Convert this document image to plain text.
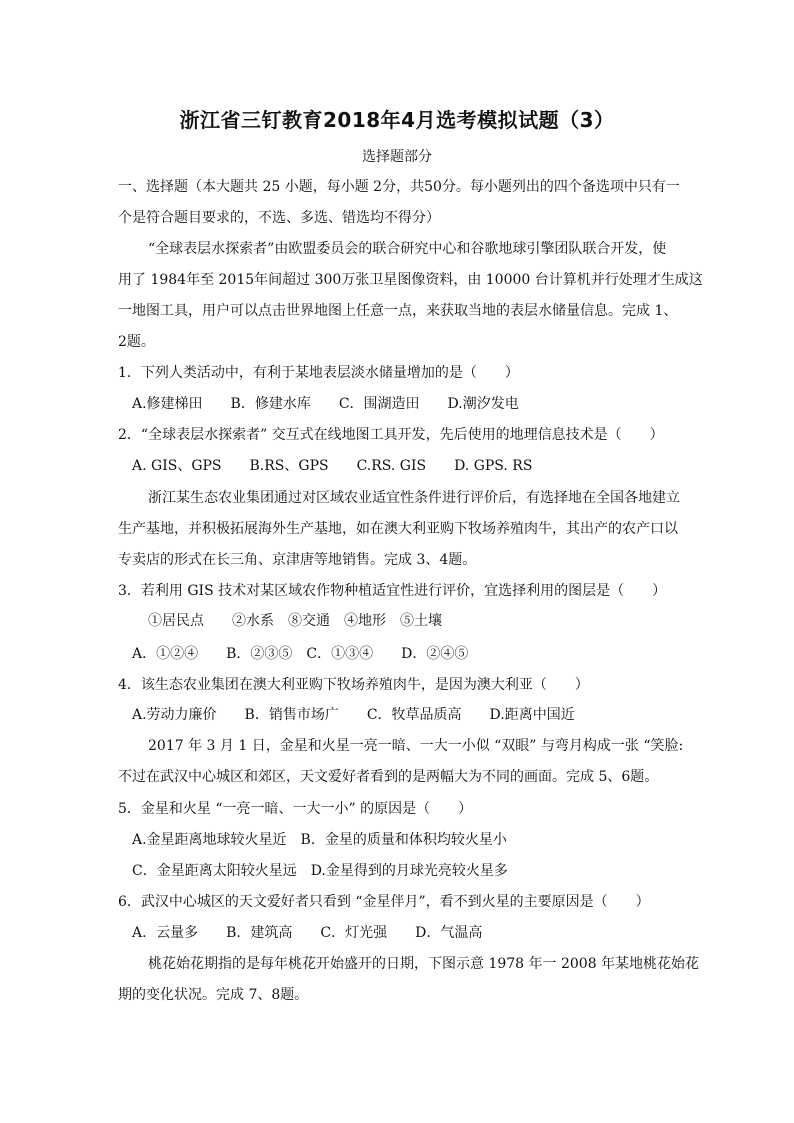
浙江省三钉教育2018年4月选考模拟试题（3）
选择题部分
一、选择题（本大题共 25 小题，每小题 2分，共50分。每小题列出的四个备选项中只有一
个是符合题目要求的，不选、多选、错选均不得分）
“全球表层水探索者”由欧盟委员会的联合研究中心和谷歌地球引擎团队联合开发，使
用了 1984年至 2015年间超过 300万张卫星图像资料，由 10000 台计算机并行处理才生成这
一地图工具，用户可以点击世界地图上任意一点，来获取当地的表层水储量信息。完成 1、
2题。
1．下列人类活动中，有利于某地表层淡水储量增加的是（　　）
A.修建梯田　　B．修建水库　　C．围湖造田　　D.潮汐发电
2．“全球表层水探索者” 交互式在线地图工具开发，先后使用的地理信息技术是（　　）
A. GIS、GPS　　B.RS、GPS　　C.RS. GIS　　D. GPS. RS
浙江某生态农业集团通过对区域农业适宜性条件进行评价后，有选择地在全国各地建立
生产基地，并积极拓展海外生产基地，如在澳大利亚购下牧场养殖肉牛，其出产的农产口以
专卖店的形式在长三角、京津唐等地销售。完成 3、4题。
3．若利用 GIS 技术对某区域农作物种植适宜性进行评价，宜选择利用的图层是（　　）
①居民点　　②水系　⑧交通　④地形　⑤土壤
A．①②④　　B．②③⑤　C．①③④　　D．②④⑤
4．该生态农业集团在澳大利亚购下牧场养殖肉牛，是因为澳大利亚（　　）
A.劳动力廉价　　B．销售市场广　　C．牧草品质高　　D.距离中国近
2017 年 3 月 1 日，金星和火星一亮一暗、一大一小似 “双眼” 与弯月构成一张 “笑脸:
不过在武汉中心城区和郊区，天文爱好者看到的是两幅大为不同的画面。完成 5、6题。
5．金星和火星 “一亮一暗、一大一小” 的原因是（　　）
A.金星距离地球较火星近　B．金星的质量和体积均较火星小
C．金星距离太阳较火星远　D.金星得到的月球光亮较火星多
6．武汉中心城区的天文爱好者只看到 “金星伴月”，看不到火星的主要原因是（　　）
A．云量多　　B．建筑高　　C．灯光强　　D．气温高
桃花始花期指的是每年桃花开始盛开的日期，下图示意 1978 年一 2008 年某地桃花始花
期的变化状况。完成 7、8题。
